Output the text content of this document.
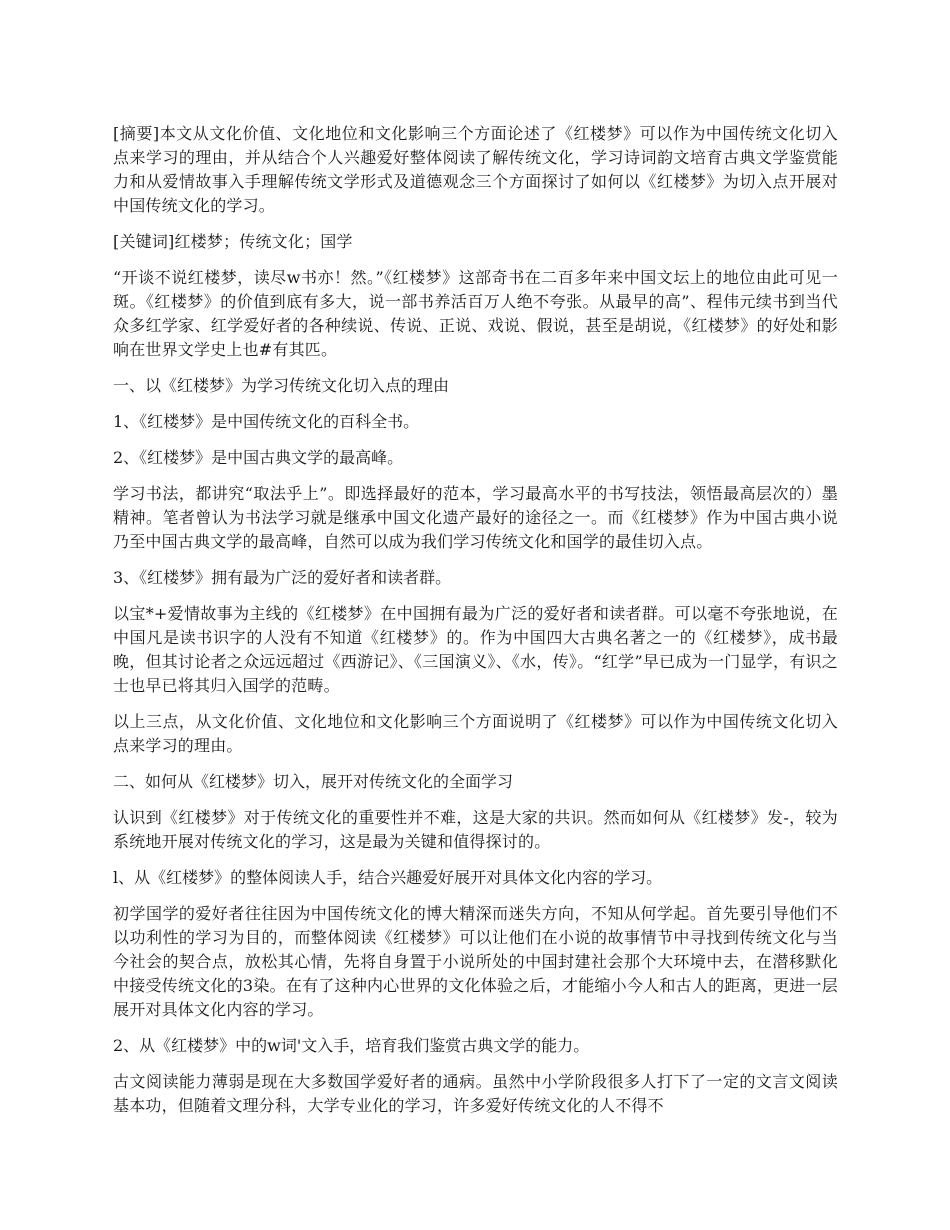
[摘要]本文从文化价值、文化地位和文化影响三个方面论述了《红楼梦》可以作为中国传统文化切入点来学习的理由，并从结合个人兴趣爱好整体阅读了解传统文化，学习诗词韵文培育古典文学鉴赏能力和从爱情故事入手理解传统文学形式及道德观念三个方面探讨了如何以《红楼梦》为切入点开展对中国传统文化的学习。

[关键词]红楼梦；传统文化；国学

“开谈不说红楼梦，读尽w书亦！然。”《红楼梦》这部奇书在二百多年来中国文坛上的地位由此可见一斑。《红楼梦》的价值到底有多大，说一部书养活百万人绝不夸张。从最早的高”、程伟元续书到当代众多红学家、红学爱好者的各种续说、传说、正说、戏说、假说，甚至是胡说，《红楼梦》的好处和影响在世界文学史上也#有其匹。

一、以《红楼梦》为学习传统文化切入点的理由

1、《红楼梦》是中国传统文化的百科全书。

2、《红楼梦》是中国古典文学的最高峰。

学习书法，都讲究“取法乎上”。即选择最好的范本，学习最高水平的书写技法，领悟最高层次的）墨精神。笔者曾认为书法学习就是继承中国文化遗产最好的途径之一。而《红楼梦》作为中国古典小说乃至中国古典文学的最高峰，自然可以成为我们学习传统文化和国学的最佳切入点。

3、《红楼梦》拥有最为广泛的爱好者和读者群。

以宝*+爱情故事为主线的《红楼梦》在中国拥有最为广泛的爱好者和读者群。可以毫不夸张地说，在中国凡是读书识字的人没有不知道《红楼梦》的。作为中国四大古典名著之一的《红楼梦》，成书最晚，但其讨论者之众远远超过《西游记》、《三国演义》、《水，传》。“红学”早已成为一门显学，有识之士也早已将其归入国学的范畴。

以上三点，从文化价值、文化地位和文化影响三个方面说明了《红楼梦》可以作为中国传统文化切入点来学习的理由。

二、如何从《红楼梦》切入，展开对传统文化的全面学习

认识到《红楼梦》对于传统文化的重要性并不难，这是大家的共识。然而如何从《红楼梦》发-，较为系统地开展对传统文化的学习，这是最为关键和值得探讨的。

l、从《红楼梦》的整体阅读人手，结合兴趣爱好展开对具体文化内容的学习。

初学国学的爱好者往往因为中国传统文化的博大精深而迷失方向，不知从何学起。首先要引导他们不以功利性的学习为目的，而整体阅读《红楼梦》可以让他们在小说的故事情节中寻找到传统文化与当今社会的契合点，放松其心情，先将自身置于小说所处的中国封建社会那个大环境中去，在潜移默化中接受传统文化的3染。在有了这种内心世界的文化体验之后，才能缩小今人和古人的距离，更进一层展开对具体文化内容的学习。

2、从《红楼梦》中的w词'文入手，培育我们鉴赏古典文学的能力。

古文阅读能力薄弱是现在大多数国学爱好者的通病。虽然中小学阶段很多人打下了一定的文言文阅读基本功，但随着文理分科，大学专业化的学习，许多爱好传统文化的人不得不
